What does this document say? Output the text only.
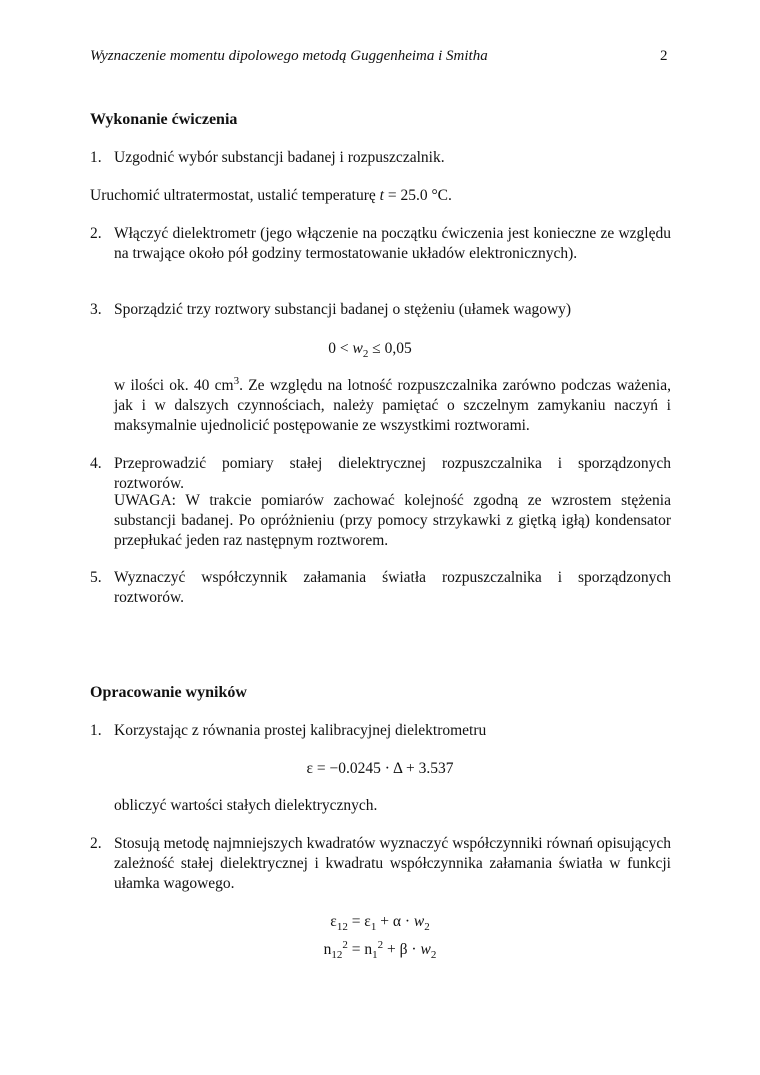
Wyznaczenie momentu dipolowego metodą Guggenheima i Smitha	2
Wykonanie ćwiczenia
1. Uzgodnić wybór substancji badanej i rozpuszczalnik.
Uruchomić ultratermostat, ustalić temperaturę t = 25.0 °C.
2. Włączyć dielektrometr (jego włączenie na początku ćwiczenia jest konieczne ze względu na trwające około pół godziny termostatowanie układów elektronicznych).
3. Sporządzić trzy roztwory substancji badanej o stężeniu (ułamek wagowy)
$0 < w_2 \le 0,05$
w ilości ok. 40 $cm^3$. Ze względu na lotność rozpuszczalnika zarówno podczas ważenia, jak i w dalszych czynnościach, należy pamiętać o szczelnym zamykaniu naczyń i maksymalnie ujednolicić postępowanie ze wszystkimi roztworami.
4. Przeprowadzić pomiary stałej dielektrycznej rozpuszczalnika i sporządzonych roztworów.
UWAGA: W trakcie pomiarów zachować kolejność zgodną ze wzrostem stężenia substancji badanej. Po opróżnieniu (przy pomocy strzykawki z giętką igłą) kondensator przepłukać jeden raz następnym roztworem.
5. Wyznaczyć współczynnik załamania światła rozpuszczalnika i sporządzonych roztworów.
Opracowanie wyników
1. Korzystając z równania prostej kalibracyjnej dielektrometru
ε = −0.0245 · Δ + 3.537
obliczyć wartości stałych dielektrycznych.
2. Stosują metodę najmniejszych kwadratów wyznaczyć współczynniki równań opisujących zależność stałej dielektrycznej i kwadratu współczynnika załamania światła w funkcji ułamka wagowego.
$\varepsilon_{12} = \varepsilon_1 + \alpha \cdot w_2$
$n_{12}^2 = n_1^2 + \beta \cdot w_2$
